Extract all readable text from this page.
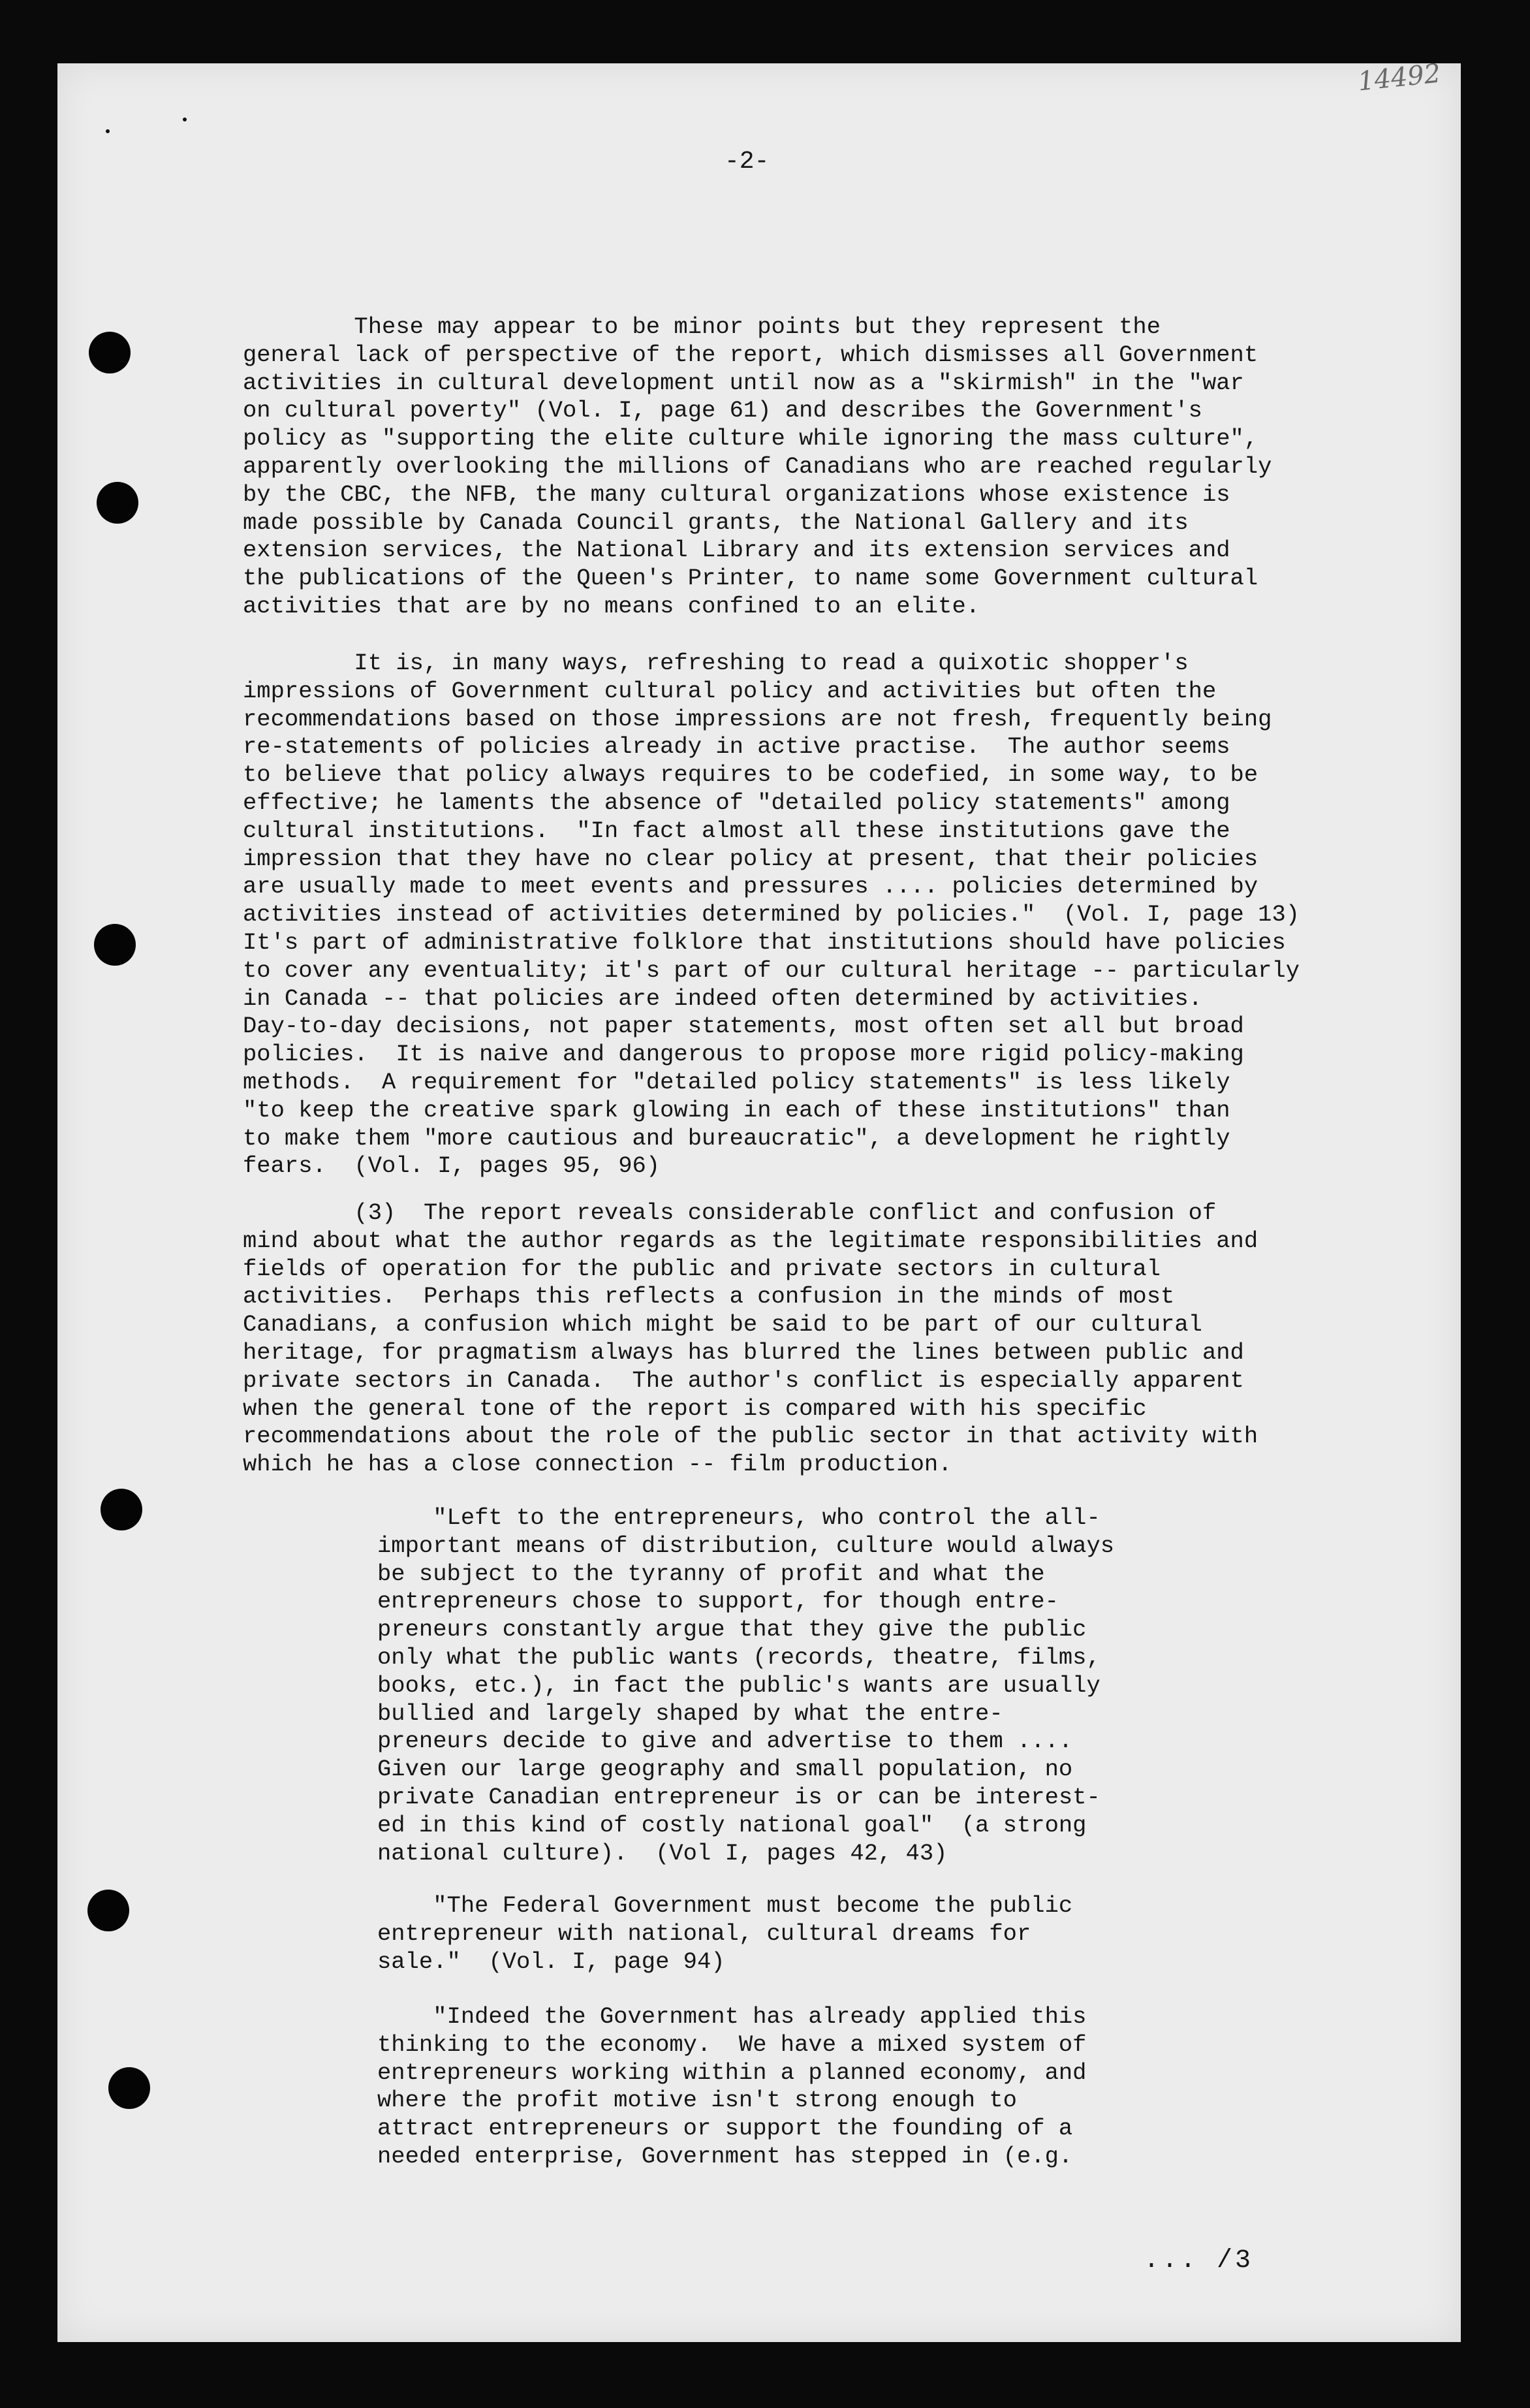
14492

-2-

These may appear to be minor points but they represent the
general lack of perspective of the report, which dismisses all Government
activities in cultural development until now as a "skirmish" in the "war
on cultural poverty" (Vol. I, page 61) and describes the Government's
policy as "supporting the elite culture while ignoring the mass culture",
apparently overlooking the millions of Canadians who are reached regularly
by the CBC, the NFB, the many cultural organizations whose existence is
made possible by Canada Council grants, the National Gallery and its
extension services, the National Library and its extension services and
the publications of the Queen's Printer, to name some Government cultural
activities that are by no means confined to an elite.

It is, in many ways, refreshing to read a quixotic shopper's
impressions of Government cultural policy and activities but often the
recommendations based on those impressions are not fresh, frequently being
re-statements of policies already in active practise.  The author seems
to believe that policy always requires to be codefied, in some way, to be
effective; he laments the absence of "detailed policy statements" among
cultural institutions.  "In fact almost all these institutions gave the
impression that they have no clear policy at present, that their policies
are usually made to meet events and pressures .... policies determined by
activities instead of activities determined by policies."  (Vol. I, page 13)
It's part of administrative folklore that institutions should have policies
to cover any eventuality; it's part of our cultural heritage -- particularly
in Canada -- that policies are indeed often determined by activities.
Day-to-day decisions, not paper statements, most often set all but broad
policies.  It is naive and dangerous to propose more rigid policy-making
methods.  A requirement for "detailed policy statements" is less likely
"to keep the creative spark glowing in each of these institutions" than
to make them "more cautious and bureaucratic", a development he rightly
fears.  (Vol. I, pages 95, 96)

(3)  The report reveals considerable conflict and confusion of
mind about what the author regards as the legitimate responsibilities and
fields of operation for the public and private sectors in cultural
activities.  Perhaps this reflects a confusion in the minds of most
Canadians, a confusion which might be said to be part of our cultural
heritage, for pragmatism always has blurred the lines between public and
private sectors in Canada.  The author's conflict is especially apparent
when the general tone of the report is compared with his specific
recommendations about the role of the public sector in that activity with
which he has a close connection -- film production.

"Left to the entrepreneurs, who control the all-
important means of distribution, culture would always
be subject to the tyranny of profit and what the
entrepreneurs chose to support, for though entre-
preneurs constantly argue that they give the public
only what the public wants (records, theatre, films,
books, etc.), in fact the public's wants are usually
bullied and largely shaped by what the entre-
preneurs decide to give and advertise to them ....
Given our large geography and small population, no
private Canadian entrepreneur is or can be interest-
ed in this kind of costly national goal"  (a strong
national culture).  (Vol I, pages 42, 43)

"The Federal Government must become the public
entrepreneur with national, cultural dreams for
sale."  (Vol. I, page 94)

"Indeed the Government has already applied this
thinking to the economy.  We have a mixed system of
entrepreneurs working within a planned economy, and
where the profit motive isn't strong enough to
attract entrepreneurs or support the founding of a
needed enterprise, Government has stepped in (e.g.

... /3
